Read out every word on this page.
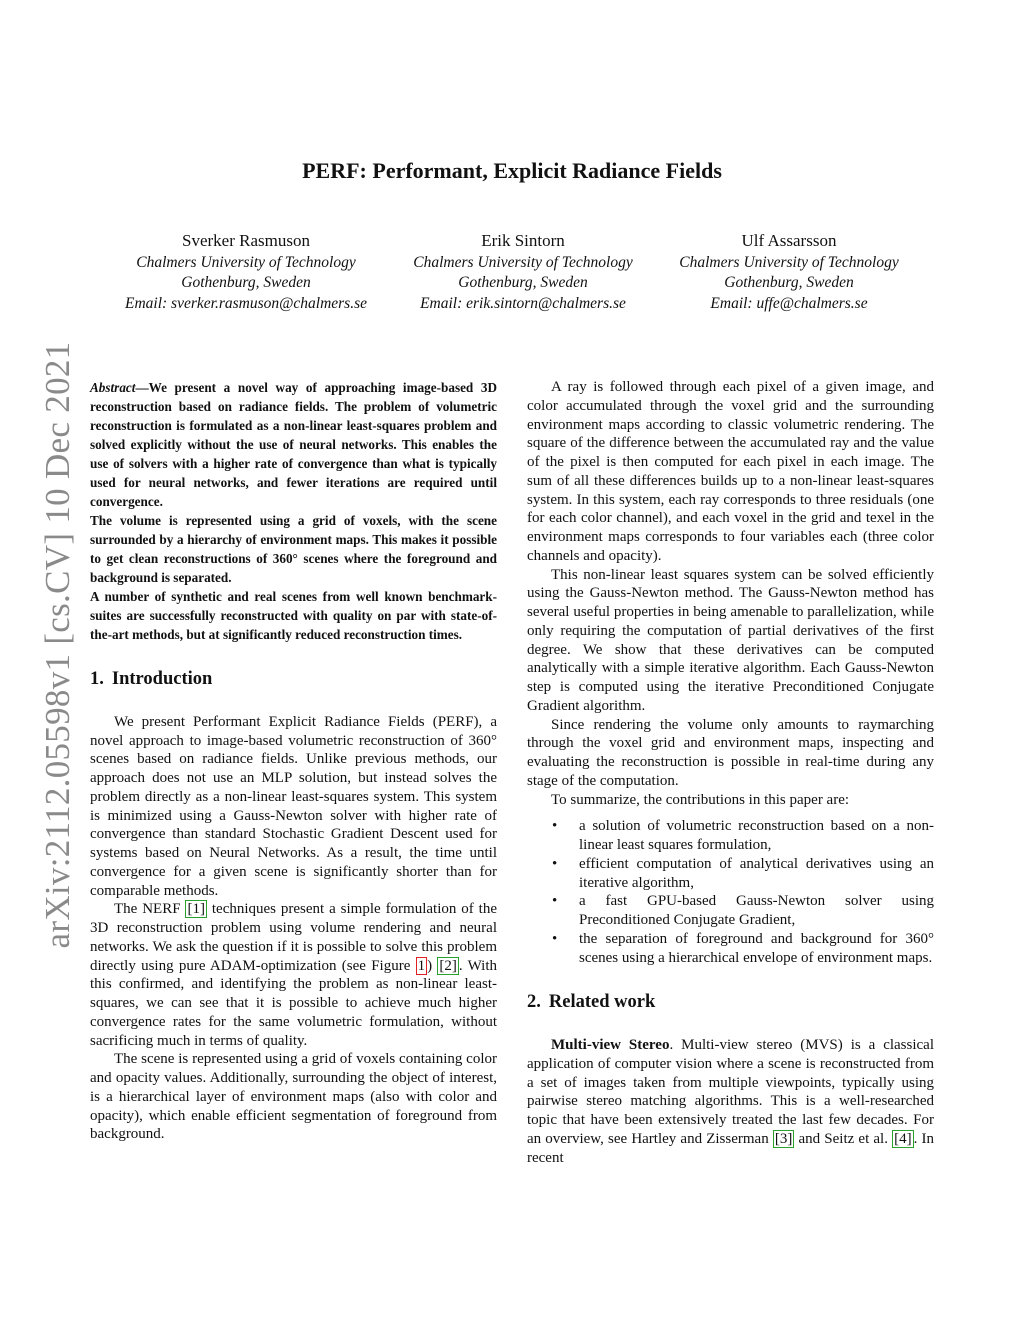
arXiv:2112.05598v1 [cs.CV] 10 Dec 2021
PERF: Performant, Explicit Radiance Fields
Sverker Rasmuson
Chalmers University of Technology
Gothenburg, Sweden
Email: sverker.rasmuson@chalmers.se
Erik Sintorn
Chalmers University of Technology
Gothenburg, Sweden
Email: erik.sintorn@chalmers.se
Ulf Assarsson
Chalmers University of Technology
Gothenburg, Sweden
Email: uffe@chalmers.se

Abstract—We present a novel way of approaching image-based 3D reconstruction based on radiance fields. The problem of volumetric reconstruction is formulated as a non-linear least-squares problem and solved explicitly without the use of neural networks. This enables the use of solvers with a higher rate of convergence than what is typically used for neural networks, and fewer iterations are required until convergence.

The volume is represented using a grid of voxels, with the scene surrounded by a hierarchy of environment maps. This makes it possible to get clean reconstructions of 360° scenes where the foreground and background is separated.

A number of synthetic and real scenes from well known benchmark-suites are successfully reconstructed with quality on par with state-of-the-art methods, but at significantly reduced reconstruction times.

1. Introduction

We present Performant Explicit Radiance Fields (PERF), a novel approach to image-based volumetric reconstruction of 360° scenes based on radiance fields. Unlike previous methods, our approach does not use an MLP solution, but instead solves the problem directly as a non-linear least-squares system. This system is minimized using a Gauss-Newton solver with higher rate of convergence than standard Stochastic Gradient Descent used for systems based on Neural Networks. As a result, the time until convergence for a given scene is significantly shorter than for comparable methods.

The NERF [1] techniques present a simple formulation of the 3D reconstruction problem using volume rendering and neural networks. We ask the question if it is possible to solve this problem directly using pure ADAM-optimization (see Figure 1 ) [2] . With this confirmed, and identifying the problem as non-linear least-squares, we can see that it is possible to achieve much higher convergence rates for the same volumetric formulation, without sacrificing much in terms of quality.

The scene is represented using a grid of voxels containing color and opacity values. Additionally, surrounding the object of interest, is a hierarchical layer of environment maps (also with color and opacity), which enable efficient segmentation of foreground from background.

A ray is followed through each pixel of a given image, and color accumulated through the voxel grid and the surrounding environment maps according to classic volumetric rendering. The square of the difference between the accumulated ray and the value of the pixel is then computed for each pixel in each image. The sum of all these differences builds up to a non-linear least-squares system. In this system, each ray corresponds to three residuals (one for each color channel), and each voxel in the grid and texel in the environment maps corresponds to four variables each (three color channels and opacity).

This non-linear least squares system can be solved efficiently using the Gauss-Newton method. The Gauss-Newton method has several useful properties in being amenable to parallelization, while only requiring the computation of partial derivatives of the first degree. We show that these derivatives can be computed analytically with a simple iterative algorithm. Each Gauss-Newton step is computed using the iterative Preconditioned Conjugate Gradient algorithm.

Since rendering the volume only amounts to raymarching through the voxel grid and environment maps, inspecting and evaluating the reconstruction is possible in real-time during any stage of the computation.

To summarize, the contributions in this paper are:

• a solution of volumetric reconstruction based on a non-linear least squares formulation,
• efficient computation of analytical derivatives using an iterative algorithm,
• a fast GPU-based Gauss-Newton solver using Preconditioned Conjugate Gradient,
• the separation of foreground and background for 360° scenes using a hierarchical envelope of environment maps.
2. Related work

Multi-view Stereo. Multi-view stereo (MVS) is a classical application of computer vision where a scene is reconstructed from a set of images taken from multiple viewpoints, typically using pairwise stereo matching algorithms. This is a well-researched topic that have been extensively treated the last few decades. For an overview, see Hartley and Zisserman [3] and Seitz et al. [4] . In recent
